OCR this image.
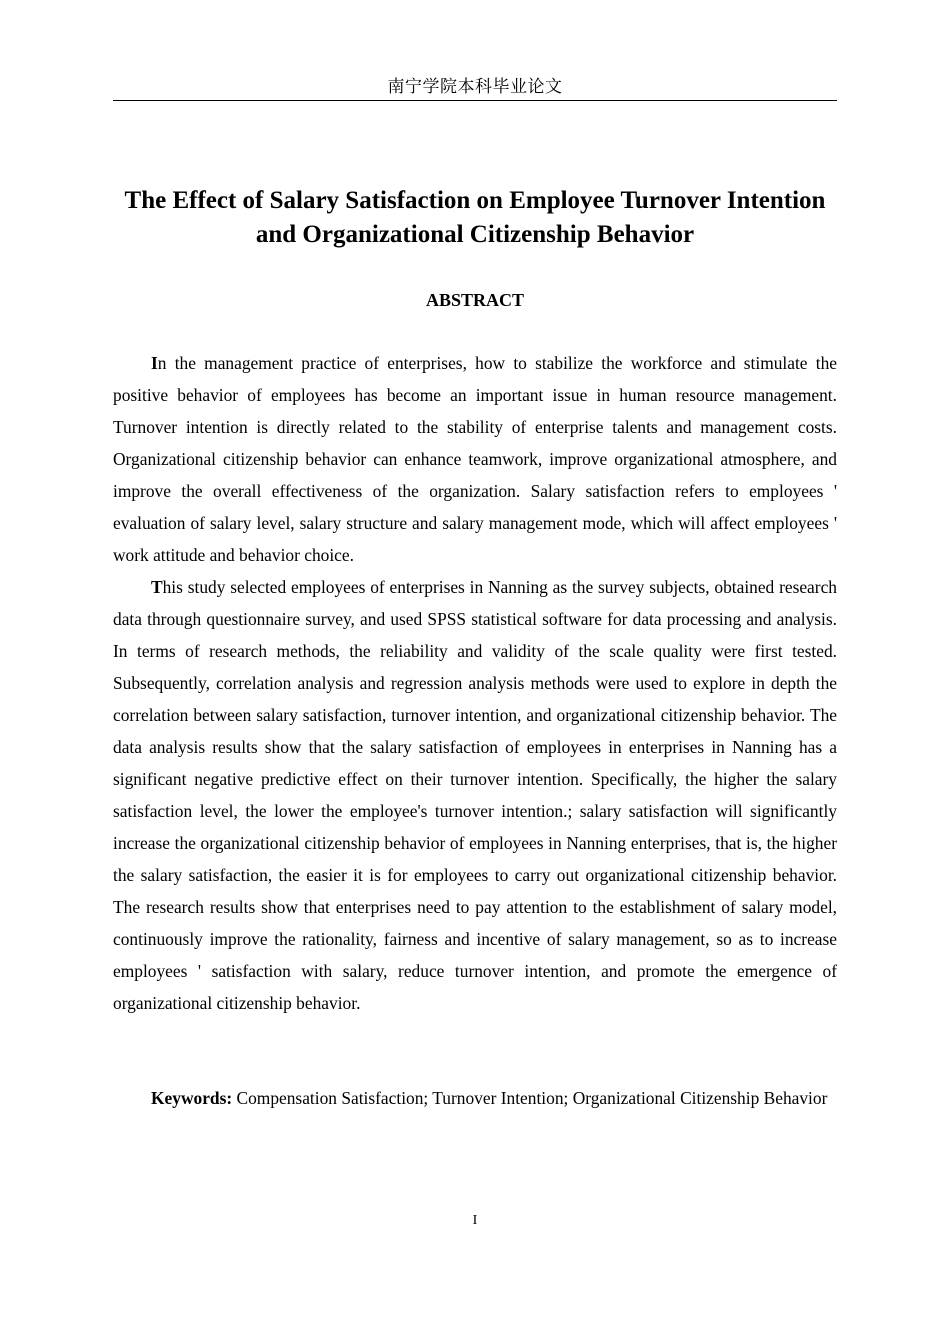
南宁学院本科毕业论文
The Effect of Salary Satisfaction on Employee Turnover Intention
and Organizational Citizenship Behavior
ABSTRACT

In the management practice of enterprises, how to stabilize the workforce and stimulate the positive behavior of employees has become an important issue in human resource management. Turnover intention is directly related to the stability of enterprise talents and management costs. Organizational citizenship behavior can enhance teamwork, improve organizational atmosphere, and improve the overall effectiveness of the organization. Salary satisfaction refers to employees ' evaluation of salary level, salary structure and salary management mode, which will affect employees ' work attitude and behavior choice.

This study selected employees of enterprises in Nanning as the survey subjects, obtained research data through questionnaire survey, and used SPSS statistical software for data processing and analysis. In terms of research methods, the reliability and validity of the scale quality were first tested. Subsequently, correlation analysis and regression analysis methods were used to explore in depth the correlation between salary satisfaction, turnover intention, and organizational citizenship behavior. The data analysis results show that the salary satisfaction of employees in enterprises in Nanning has a significant negative predictive effect on their turnover intention. Specifically, the higher the salary satisfaction level, the lower the employee's turnover intention.; salary satisfaction will significantly increase the organizational citizenship behavior of employees in Nanning enterprises, that is, the higher the salary satisfaction, the easier it is for employees to carry out organizational citizenship behavior. The research results show that enterprises need to pay attention to the establishment of salary model, continuously improve the rationality, fairness and incentive of salary management, so as to increase employees ' satisfaction with salary, reduce turnover intention, and promote the emergence of organizational citizenship behavior.

Keywords: Compensation Satisfaction; Turnover Intention; Organizational Citizenship Behavior
I
